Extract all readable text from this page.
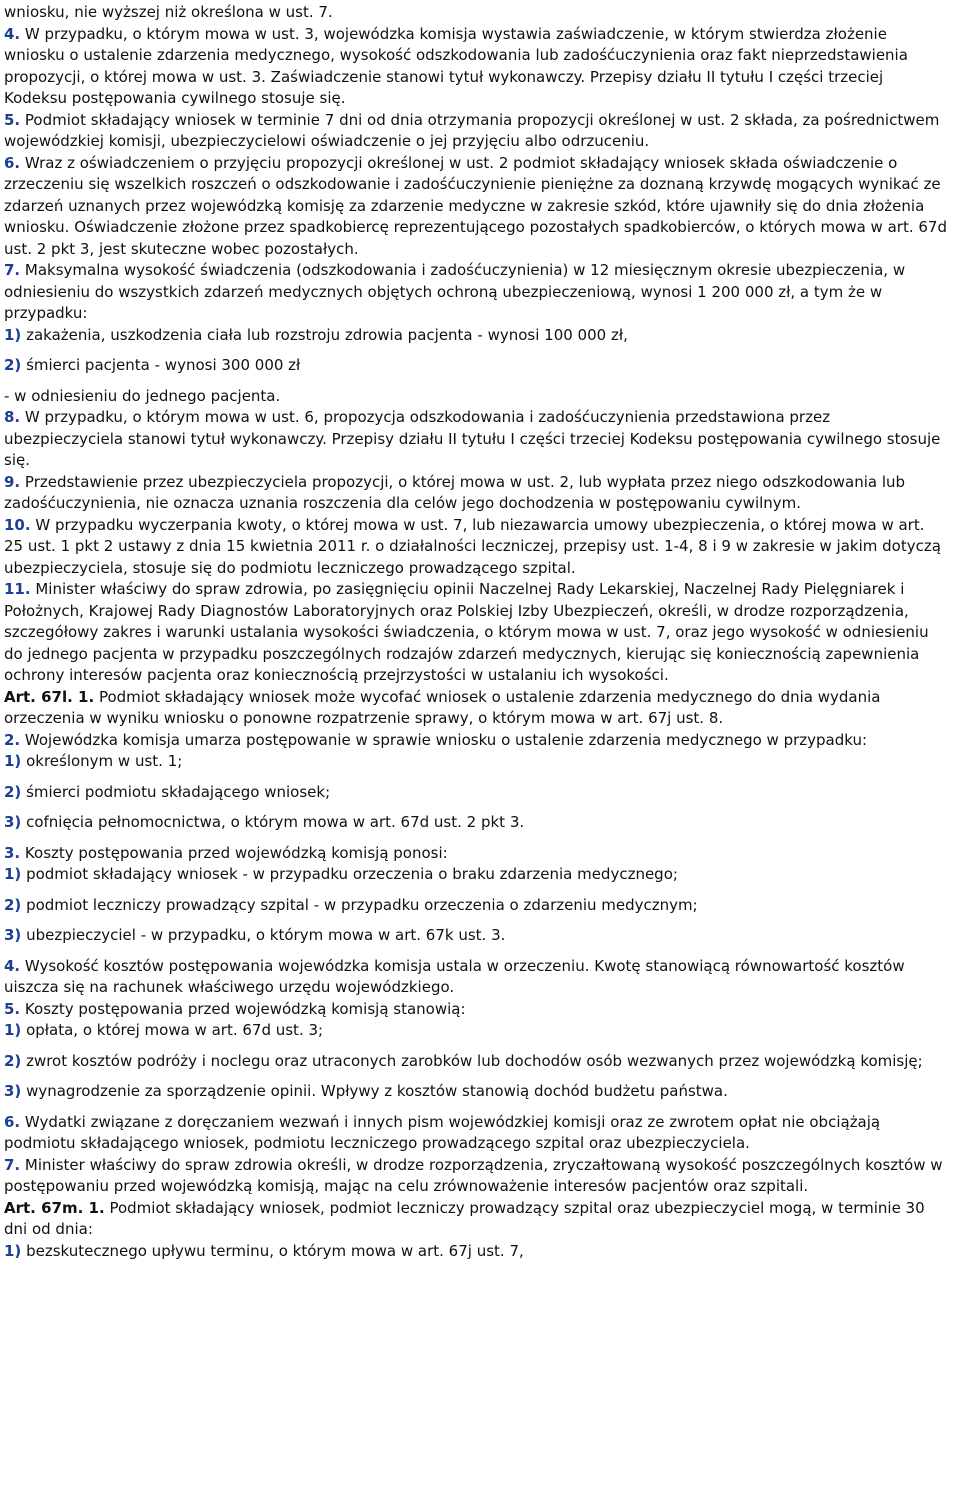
wniosku, nie wyższej niż określona w ust. 7.

4. W przypadku, o którym mowa w ust. 3, wojewódzka komisja wystawia zaświadczenie, w którym stwierdza złożenie wniosku o ustalenie zdarzenia medycznego, wysokość odszkodowania lub zadośćuczynienia oraz fakt nieprzedstawienia propozycji, o której mowa w ust. 3. Zaświadczenie stanowi tytuł wykonawczy. Przepisy działu II tytułu I części trzeciej Kodeksu postępowania cywilnego stosuje się.

5. Podmiot składający wniosek w terminie 7 dni od dnia otrzymania propozycji określonej w ust. 2 składa, za pośrednictwem wojewódzkiej komisji, ubezpieczycielowi oświadczenie o jej przyjęciu albo odrzuceniu.

6. Wraz z oświadczeniem o przyjęciu propozycji określonej w ust. 2 podmiot składający wniosek składa oświadczenie o zrzeczeniu się wszelkich roszczeń o odszkodowanie i zadośćuczynienie pieniężne za doznaną krzywdę mogących wynikać ze zdarzeń uznanych przez wojewódzką komisję za zdarzenie medyczne w zakresie szkód, które ujawniły się do dnia złożenia wniosku. Oświadczenie złożone przez spadkobiercę reprezentującego pozostałych spadkobierców, o których mowa w art. 67d ust. 2 pkt 3, jest skuteczne wobec pozostałych.

7. Maksymalna wysokość świadczenia (odszkodowania i zadośćuczynienia) w 12 miesięcznym okresie ubezpieczenia, w odniesieniu do wszystkich zdarzeń medycznych objętych ochroną ubezpieczeniową, wynosi 1 200 000 zł, a tym że w przypadku:

1) zakażenia, uszkodzenia ciała lub rozstroju zdrowia pacjenta - wynosi 100 000 zł,

2) śmierci pacjenta - wynosi 300 000 zł

- w odniesieniu do jednego pacjenta.

8. W przypadku, o którym mowa w ust. 6, propozycja odszkodowania i zadośćuczynienia przedstawiona przez ubezpieczyciela stanowi tytuł wykonawczy. Przepisy działu II tytułu I części trzeciej Kodeksu postępowania cywilnego stosuje się.

9. Przedstawienie przez ubezpieczyciela propozycji, o której mowa w ust. 2, lub wypłata przez niego odszkodowania lub zadośćuczynienia, nie oznacza uznania roszczenia dla celów jego dochodzenia w postępowaniu cywilnym.

10. W przypadku wyczerpania kwoty, o której mowa w ust. 7, lub niezawarcia umowy ubezpieczenia, o której mowa w art. 25 ust. 1 pkt 2 ustawy z dnia 15 kwietnia 2011 r. o działalności leczniczej, przepisy ust. 1-4, 8 i 9 w zakresie w jakim dotyczą ubezpieczyciela, stosuje się do podmiotu leczniczego prowadzącego szpital.

11. Minister właściwy do spraw zdrowia, po zasięgnięciu opinii Naczelnej Rady Lekarskiej, Naczelnej Rady Pielęgniarek i Położnych, Krajowej Rady Diagnostów Laboratoryjnych oraz Polskiej Izby Ubezpieczeń, określi, w drodze rozporządzenia, szczegółowy zakres i warunki ustalania wysokości świadczenia, o którym mowa w ust. 7, oraz jego wysokość w odniesieniu do jednego pacjenta w przypadku poszczególnych rodzajów zdarzeń medycznych, kierując się koniecznością zapewnienia ochrony interesów pacjenta oraz koniecznością przejrzystości w ustalaniu ich wysokości.

Art. 67l. 1. Podmiot składający wniosek może wycofać wniosek o ustalenie zdarzenia medycznego do dnia wydania orzeczenia w wyniku wniosku o ponowne rozpatrzenie sprawy, o którym mowa w art. 67j ust. 8.

2. Wojewódzka komisja umarza postępowanie w sprawie wniosku o ustalenie zdarzenia medycznego w przypadku:

1) określonym w ust. 1;

2) śmierci podmiotu składającego wniosek;

3) cofnięcia pełnomocnictwa, o którym mowa w art. 67d ust. 2 pkt 3.

3. Koszty postępowania przed wojewódzką komisją ponosi:

1) podmiot składający wniosek - w przypadku orzeczenia o braku zdarzenia medycznego;

2) podmiot leczniczy prowadzący szpital - w przypadku orzeczenia o zdarzeniu medycznym;

3) ubezpieczyciel - w przypadku, o którym mowa w art. 67k ust. 3.

4. Wysokość kosztów postępowania wojewódzka komisja ustala w orzeczeniu. Kwotę stanowiącą równowartość kosztów uiszcza się na rachunek właściwego urzędu wojewódzkiego.

5. Koszty postępowania przed wojewódzką komisją stanowią:

1) opłata, o której mowa w art. 67d ust. 3;

2) zwrot kosztów podróży i noclegu oraz utraconych zarobków lub dochodów osób wezwanych przez wojewódzką komisję;

3) wynagrodzenie za sporządzenie opinii. Wpływy z kosztów stanowią dochód budżetu państwa.

6. Wydatki związane z doręczaniem wezwań i innych pism wojewódzkiej komisji oraz ze zwrotem opłat nie obciążają podmiotu składającego wniosek, podmiotu leczniczego prowadzącego szpital oraz ubezpieczyciela.

7. Minister właściwy do spraw zdrowia określi, w drodze rozporządzenia, zryczałtowaną wysokość poszczególnych kosztów w postępowaniu przed wojewódzką komisją, mając na celu zrównoważenie interesów pacjentów oraz szpitali.

Art. 67m. 1. Podmiot składający wniosek, podmiot leczniczy prowadzący szpital oraz ubezpieczyciel mogą, w terminie 30 dni od dnia:

1) bezskutecznego upływu terminu, o którym mowa w art. 67j ust. 7,
